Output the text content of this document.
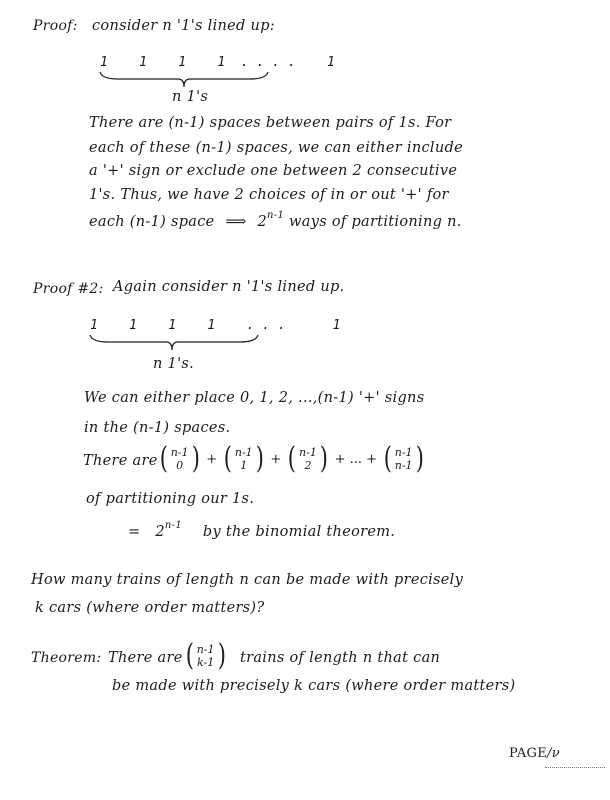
Proof: consider n '1's lined up:
1    1    1    1  . . . .    1
n 1's
There are (n-1) spaces between pairs of 1s. For
each of these (n-1) spaces, we can either include
a '+' sign or exclude one between 2 consecutive
1's. Thus, we have 2 choices of in or out '+' for
each (n-1) space ⟹ 2$^{n-1}$ ways of partitioning n.
Proof #2: Again consider n '1's lined up.
1    1    1    1    . . .      1
n 1's.
We can either place 0, 1, 2, ...,(n-1) '+' signs
in the (n-1) spaces.
There are ( n-1
0 ) + ( n-1
1 ) + ( n-1
2 ) + ... + ( n-1
n-1 )
of partitioning our 1s.
= $2^{n-1}$ by the binomial theorem.
How many trains of length n can be made with precisely
k cars (where order matters)?
Theorem: There are ( n-1
k-1 ) trains of length n that can
be made with precisely k cars (where order matters)
PAGE/ν
